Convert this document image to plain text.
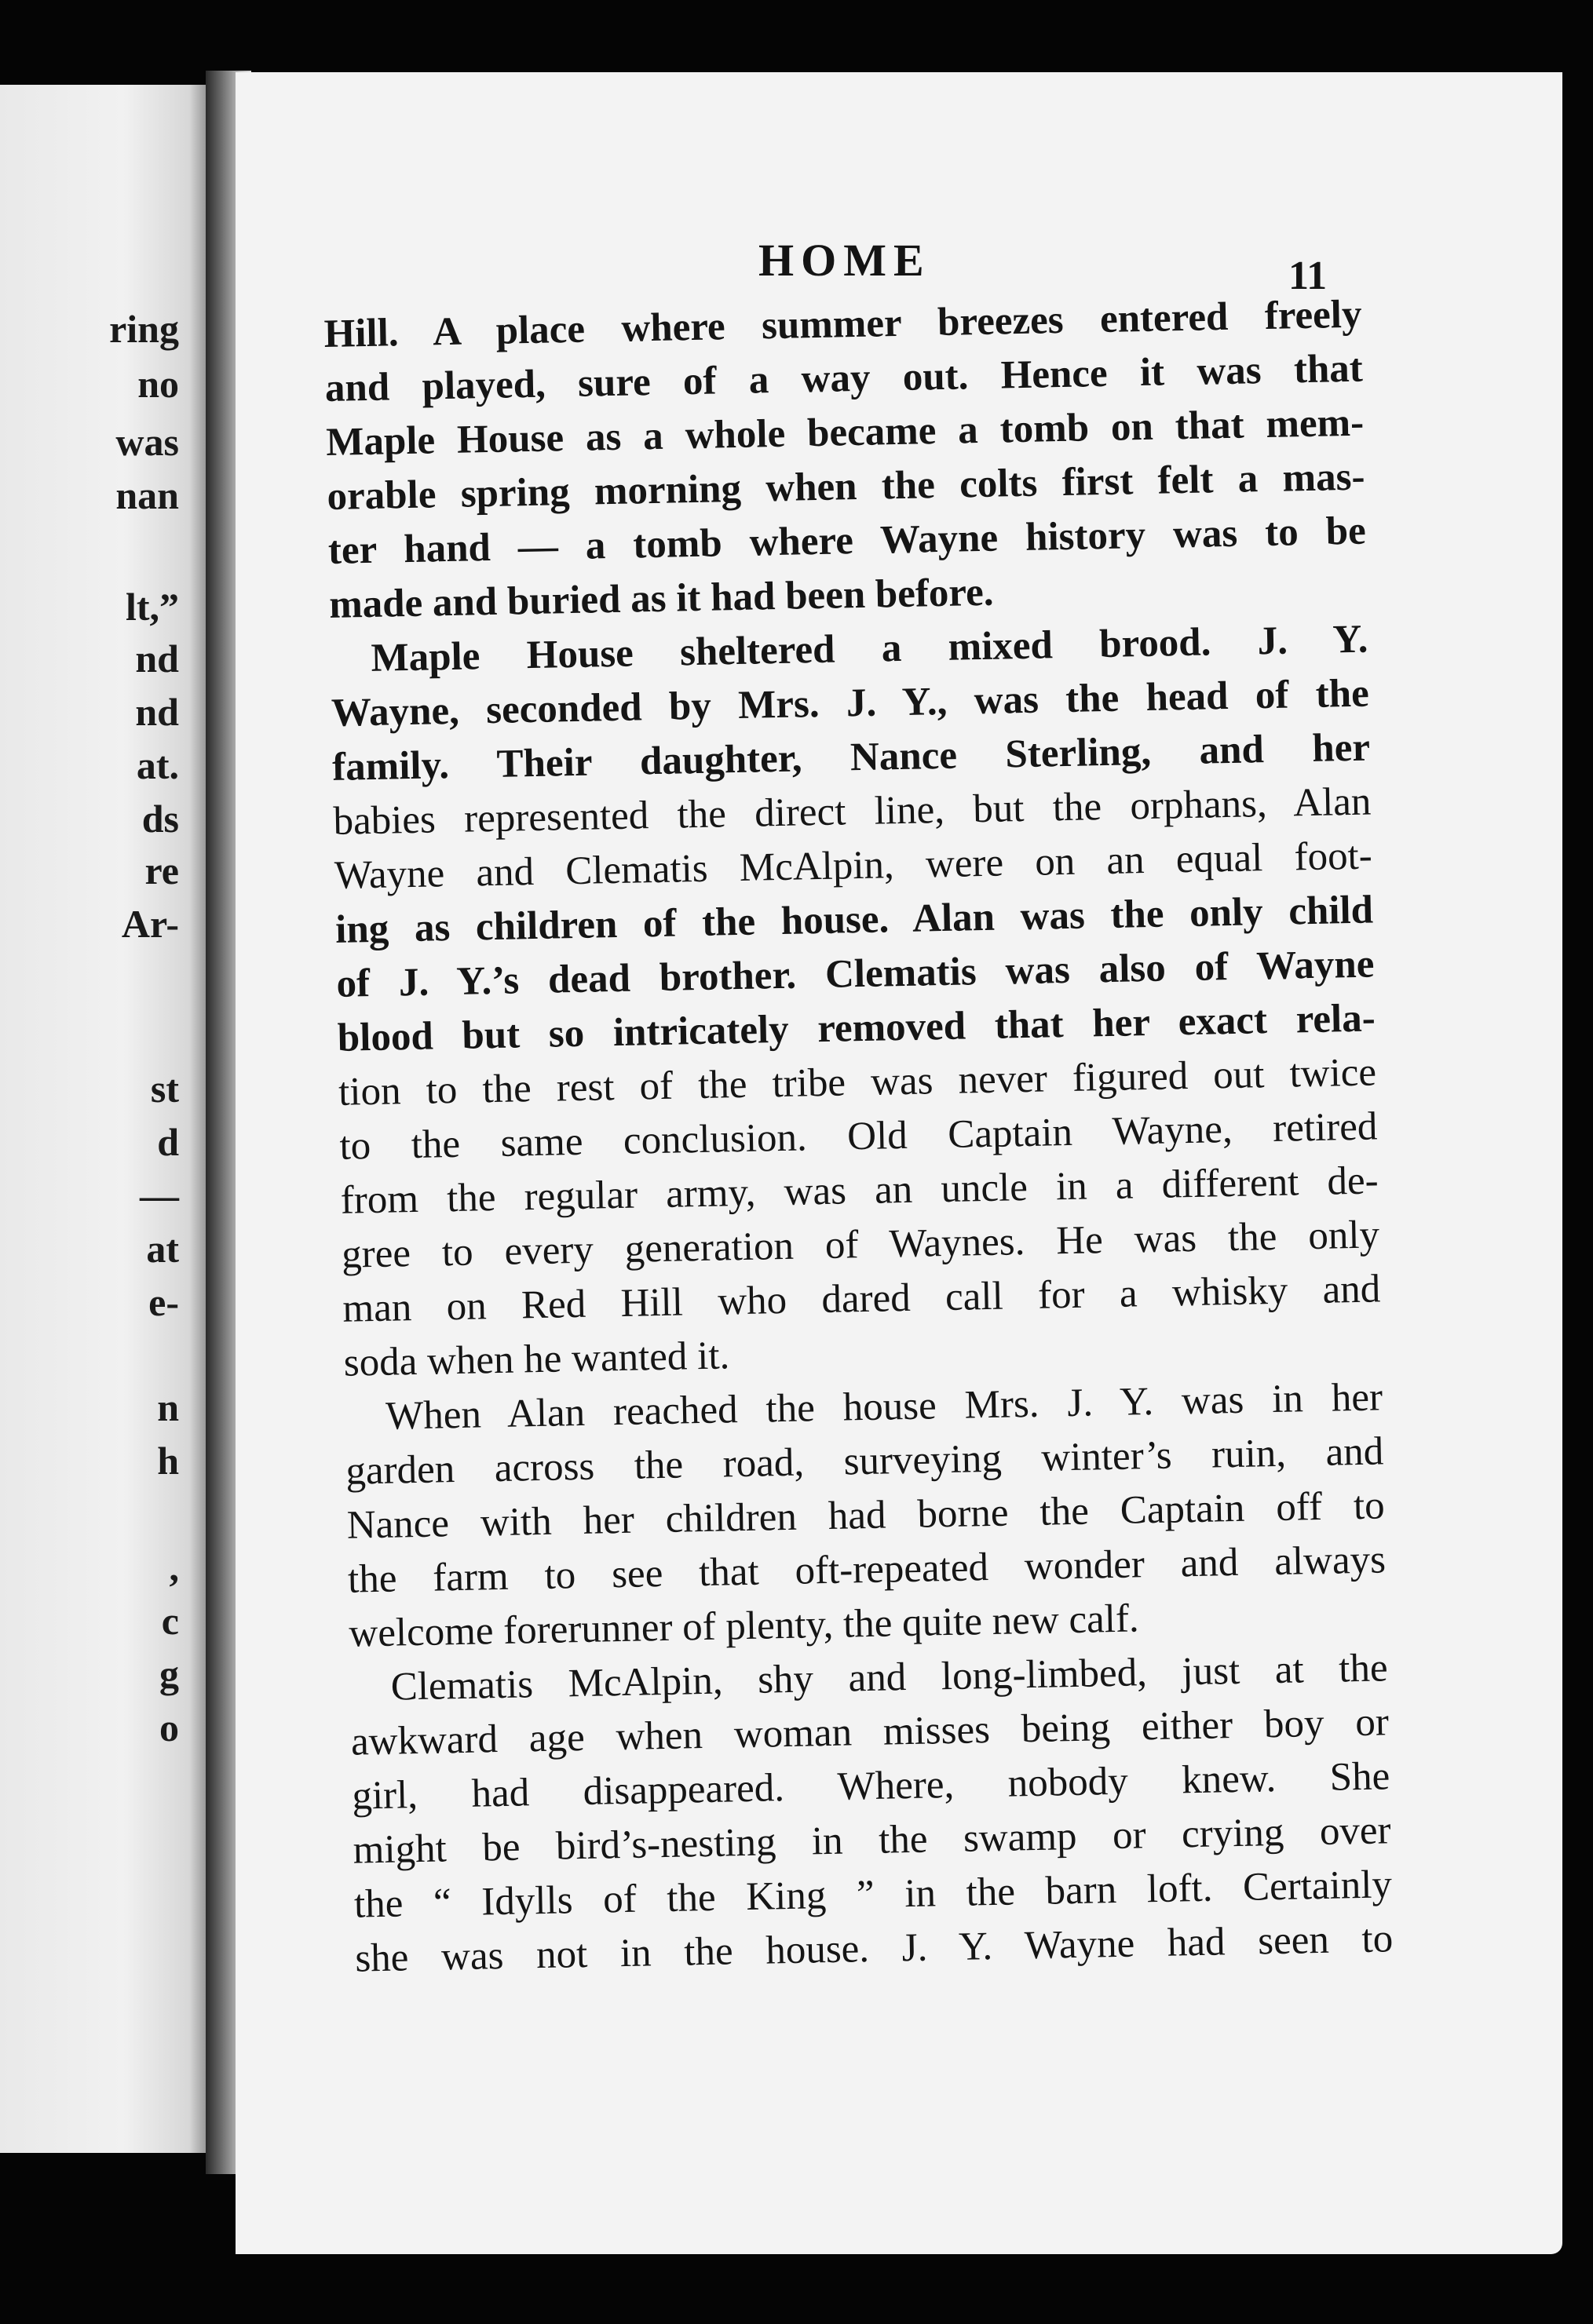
ring

no

was

nan

lt,”

nd

nd

at.

ds

re

Ar-

st

d

—

at

e-

n

h

,

c

g

o

HOME	11

Hill. A place where summer breezes entered freely
and played, sure of a way out. Hence it was that
Maple House as a whole became a tomb on that mem-
orable spring morning when the colts first felt a mas-
ter hand — a tomb where Wayne history was to be
made and buried as it had been before.
Maple House sheltered a mixed brood. J. Y.
Wayne, seconded by Mrs. J. Y., was the head of the
family. Their daughter, Nance Sterling, and her
babies represented the direct line, but the orphans, Alan
Wayne and Clematis McAlpin, were on an equal foot-
ing as children of the house. Alan was the only child
of J. Y.’s dead brother. Clematis was also of Wayne
blood but so intricately removed that her exact rela-
tion to the rest of the tribe was never figured out twice
to the same conclusion. Old Captain Wayne, retired
from the regular army, was an uncle in a different de-
gree to every generation of Waynes. He was the only
man on Red Hill who dared call for a whisky and
soda when he wanted it.
When Alan reached the house Mrs. J. Y. was in her
garden across the road, surveying winter’s ruin, and
Nance with her children had borne the Captain off to
the farm to see that oft-repeated wonder and always
welcome forerunner of plenty, the quite new calf.
Clematis McAlpin, shy and long-limbed, just at the
awkward age when woman misses being either boy or
girl, had disappeared. Where, nobody knew. She
might be bird’s-nesting in the swamp or crying over
the “ Idylls of the King ” in the barn loft. Certainly
she was not in the house. J. Y. Wayne had seen to
